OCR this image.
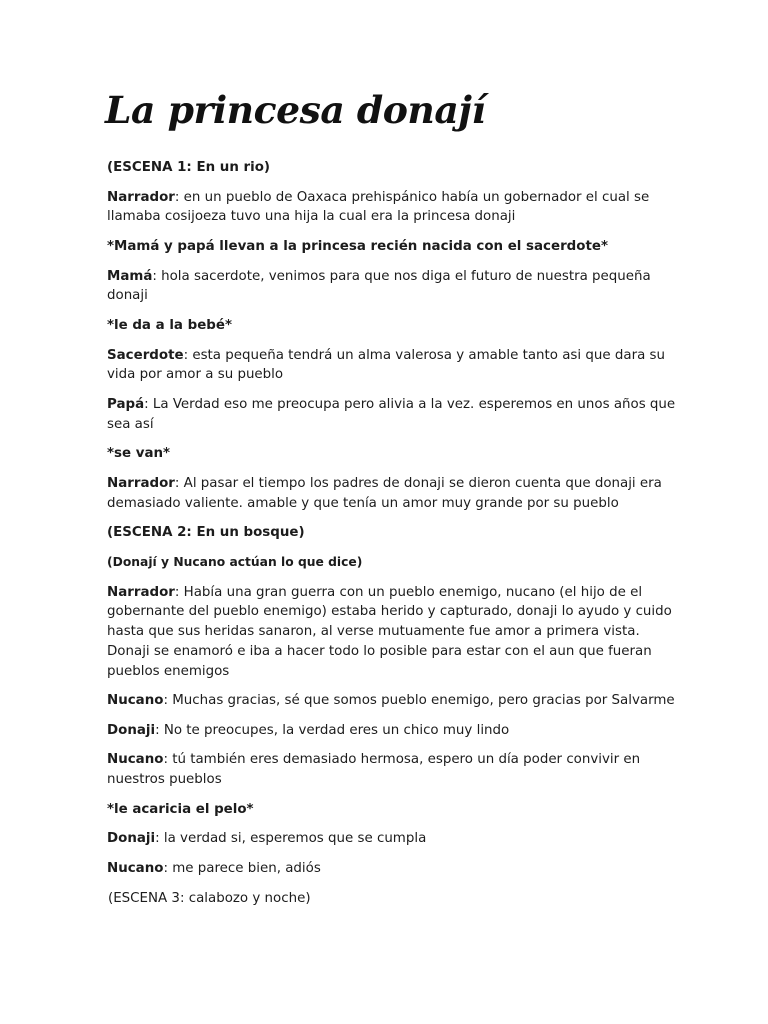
La princesa donají

(ESCENA 1: En un rio)

Narrador: en un pueblo de Oaxaca prehispánico había un gobernador el cual se llamaba cosijoeza tuvo una hija la cual era la princesa donaji

*Mamá y papá llevan a la princesa recién nacida con el sacerdote*

Mamá: hola sacerdote, venimos para que nos diga el futuro de nuestra pequeña donaji

*le da a la bebé*

Sacerdote: esta pequeña tendrá un alma valerosa y amable tanto asi que dara su vida por amor a su pueblo

Papá: La Verdad eso me preocupa pero alivia a la vez. esperemos en unos años que sea así

*se van*

Narrador: Al pasar el tiempo los padres de donaji se dieron cuenta que donaji era demasiado valiente. amable y que tenía un amor muy grande por su pueblo

(ESCENA 2: En un bosque)

(Donají y Nucano actúan lo que dice)

Narrador: Había una gran guerra con un pueblo enemigo, nucano (el hijo de el gobernante del pueblo enemigo) estaba herido y capturado, donaji lo ayudo y cuido hasta que sus heridas sanaron, al verse mutuamente fue amor a primera vista. Donaji se enamoró e iba a hacer todo lo posible para estar con el aun que fueran pueblos enemigos

Nucano: Muchas gracias, sé que somos pueblo enemigo, pero gracias por Salvarme

Donaji: No te preocupes, la verdad eres un chico muy lindo

Nucano: tú también eres demasiado hermosa, espero un día poder convivir en nuestros pueblos

*le acaricia el pelo*

Donaji: la verdad si, esperemos que se cumpla

Nucano: me parece bien, adiós

(ESCENA 3: calabozo y noche)
